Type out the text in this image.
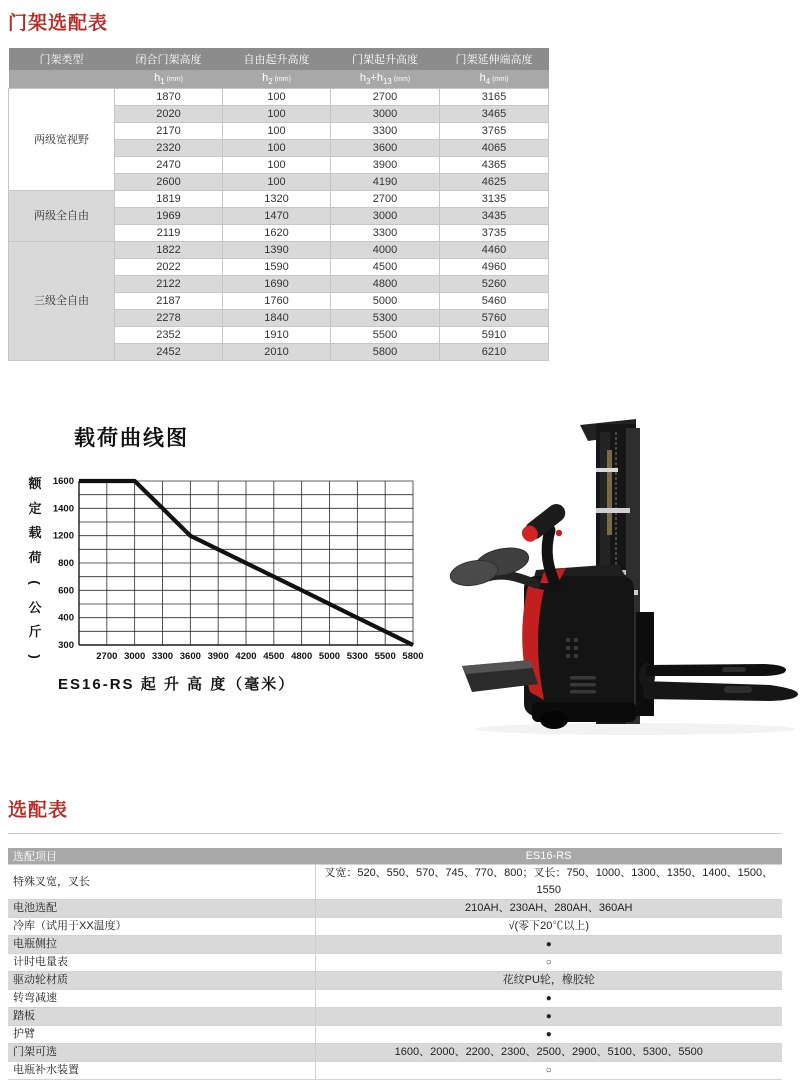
门架选配表
门架类型	闭合门架高度	自由起升高度	门架起升高度	门架延伸端高度
	$h_1$ (mm)	$h_2$ (mm)	$h_3+h_{13}$ (mm)	$h_4$ (mm)
两级宽视野	1870	100	2700	3165
	2020	100	3000	3465
	2170	100	3300	3765
	2320	100	3600	4065
	2470	100	3900	4365
	2600	100	4190	4625
两级全自由	1819	1320	2700	3135
	1969	1470	3000	3435
	2119	1620	3300	3735
三级全自由	1822	1390	4000	4460
	2022	1590	4500	4960
	2122	1690	4800	5260
	2187	1760	5000	5460
	2278	1840	5300	5760
	2352	1910	5500	5910
	2452	2010	5800	6210
载荷曲线图
额
定
载
荷
(
公
斤
)
1600
1400
1200
800
600
400
300
2700 3000 3300 3600 3900 4200 4500 4800 5000 5300 5500 5800

ES16-RS 起 升 高 度（毫米）

选配表
选配项目	ES16-RS
特殊叉宽，叉长	叉宽：520、550、570、745、770、800；叉长：750、1000、1300、1350、1400、1500、1550
电池选配	210AH、230AH、280AH、360AH
冷库（试用于XX温度）	√(零下20℃以上)
电瓶侧拉	●
计时电量表	○
驱动轮材质	花纹PU轮，橡胶轮
转弯减速	●
踏板	●
护臂	●
门架可选	1600、2000、2200、2300、2500、2900、5100、5300、5500
电瓶补水装置	○
